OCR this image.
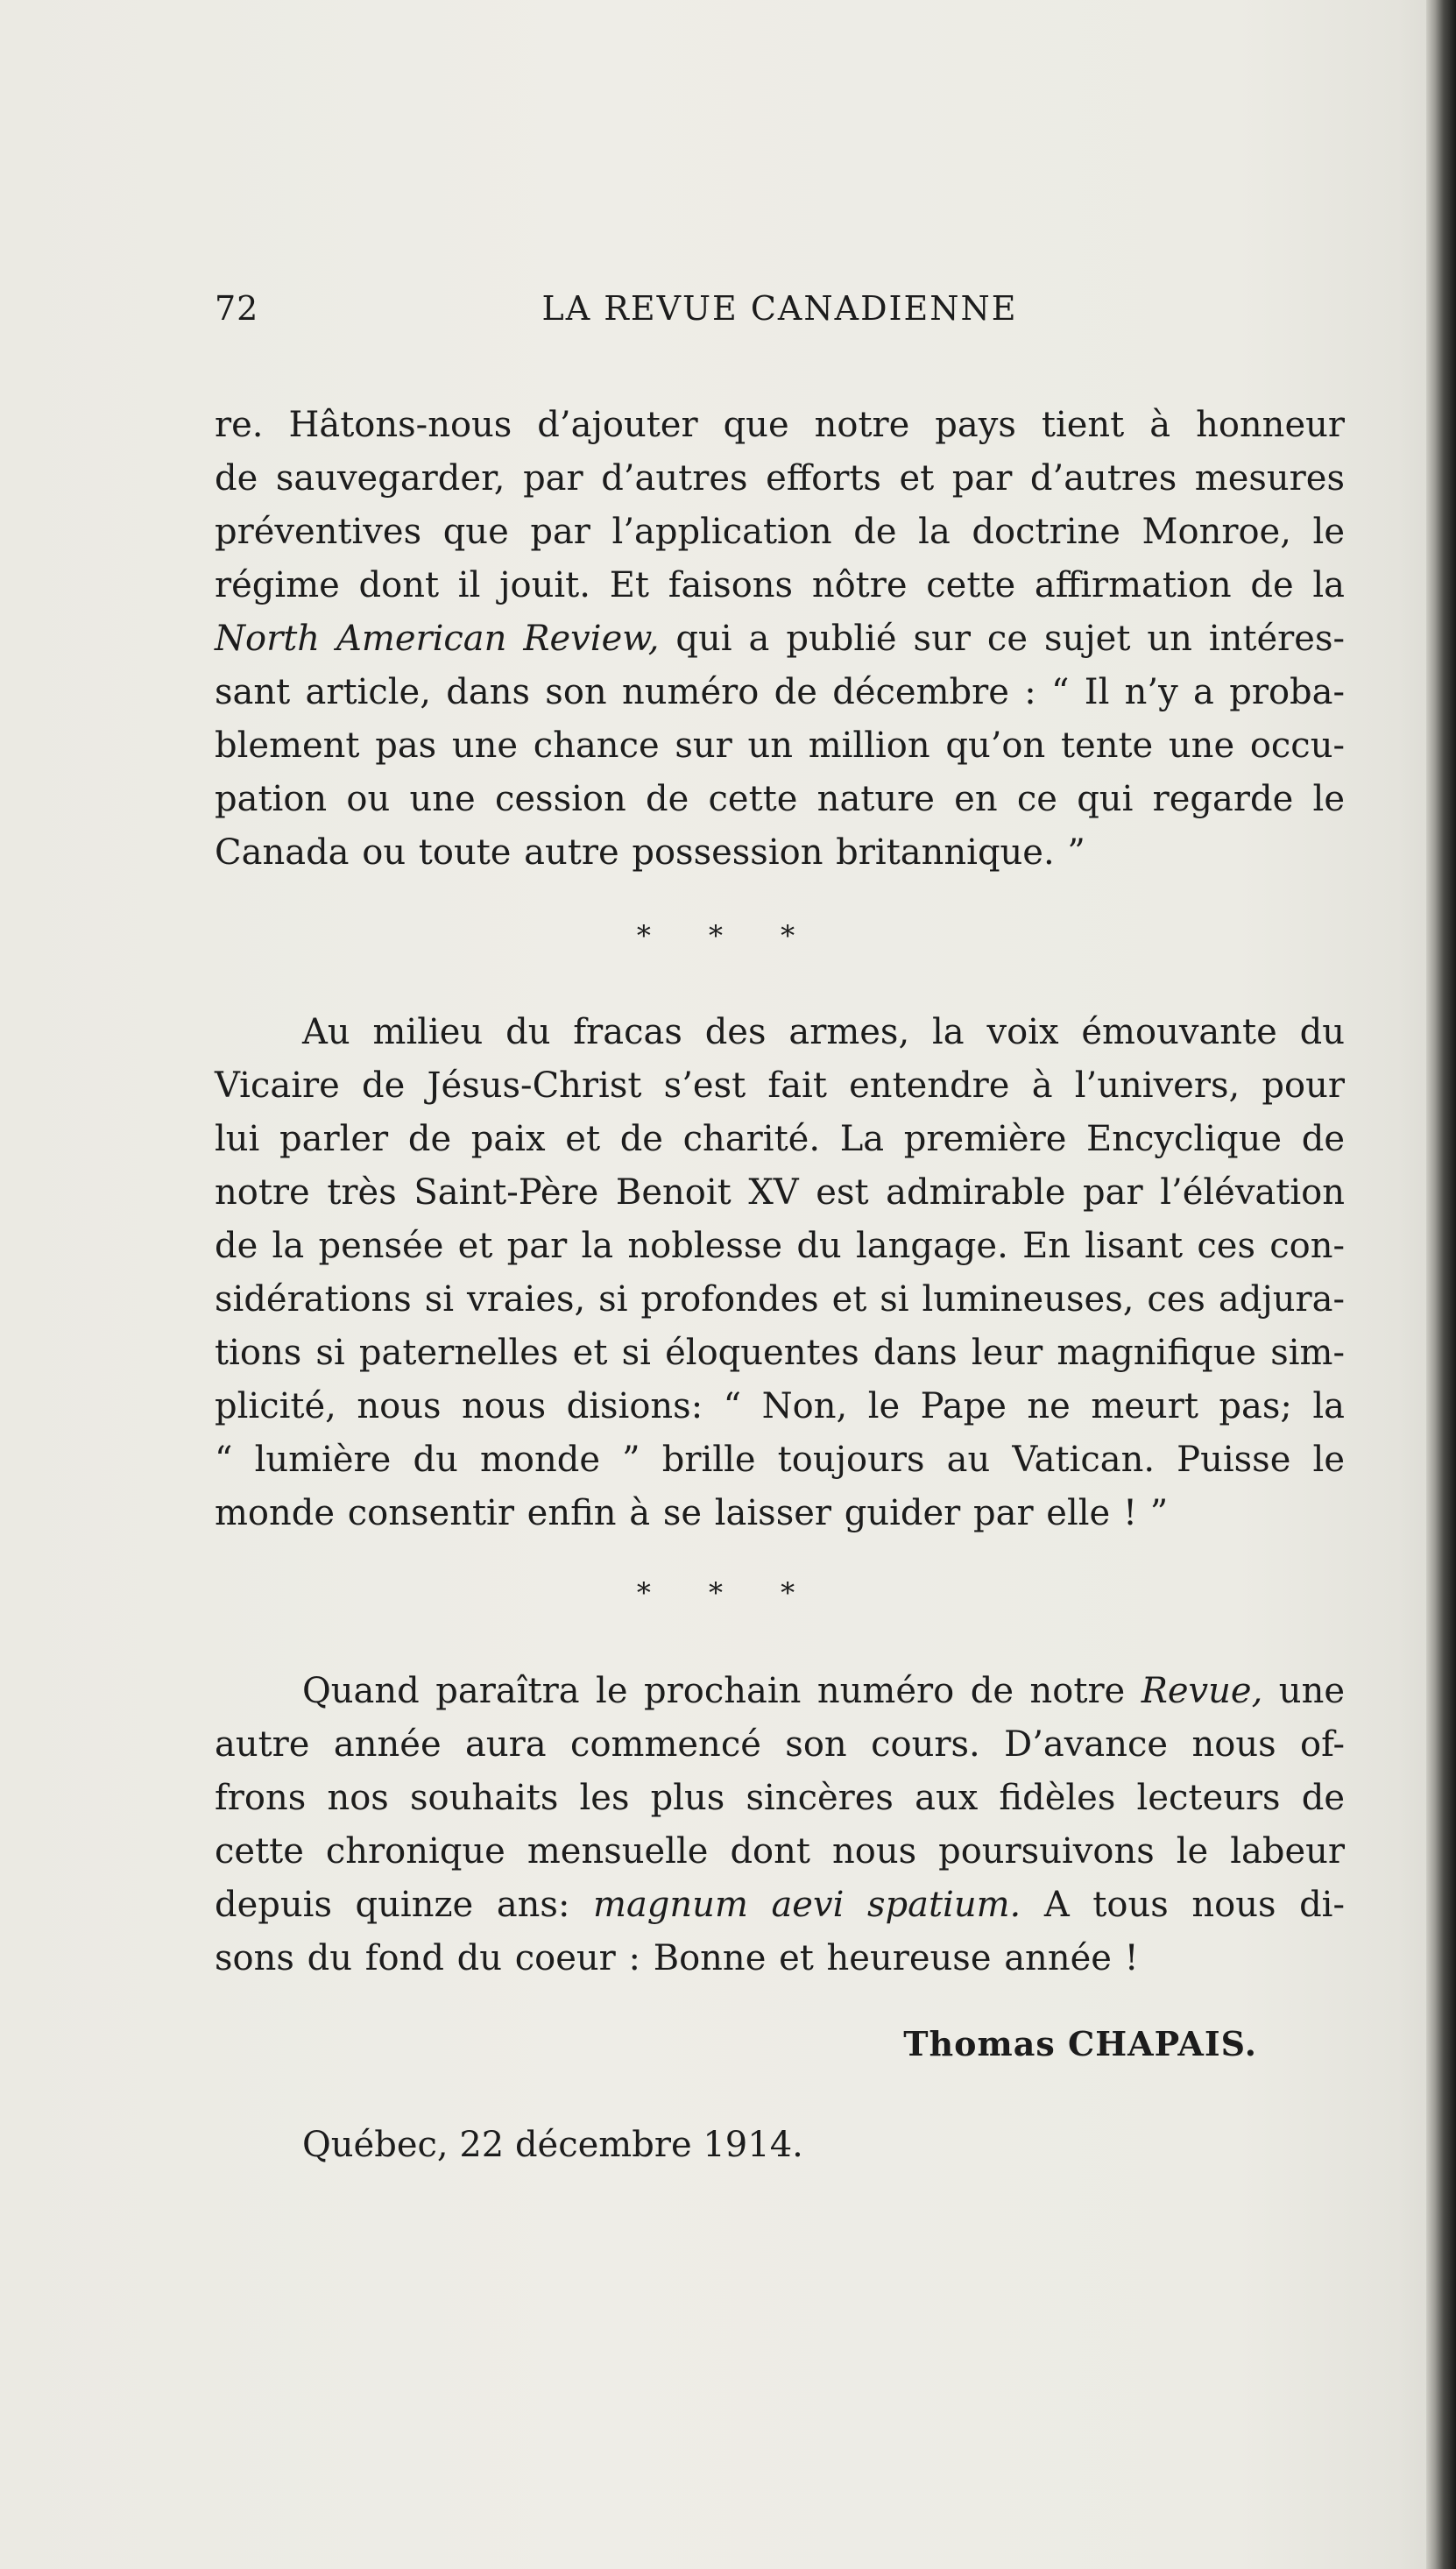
72	LA REVUE CANADIENNE
re. Hâtons-nous d’ajouter que notre pays tient à honneur
de sauvegarder, par d’autres efforts et par d’autres mesures
préventives que par l’application de la doctrine Monroe, le
régime dont il jouit. Et faisons nôtre cette affirmation de la
North American Review, qui a publié sur ce sujet un intéres-
sant article, dans son numéro de décembre : “ Il n’y a proba-
blement pas une chance sur un million qu’on tente une occu-
pation ou une cession de cette nature en ce qui regarde le
Canada ou toute autre possession britannique. ”
* * *
Au milieu du fracas des armes, la voix émouvante du
Vicaire de Jésus-Christ s’est fait entendre à l’univers, pour
lui parler de paix et de charité. La première Encyclique de
notre très Saint-Père Benoit XV est admirable par l’élévation
de la pensée et par la noblesse du langage. En lisant ces con-
sidérations si vraies, si profondes et si lumineuses, ces adjura-
tions si paternelles et si éloquentes dans leur magnifique sim-
plicité, nous nous disions: “ Non, le Pape ne meurt pas; la
“ lumière du monde ” brille toujours au Vatican. Puisse le
monde consentir enfin à se laisser guider par elle ! ”
* * *
Quand paraîtra le prochain numéro de notre Revue, une
autre année aura commencé son cours. D’avance nous of-
frons nos souhaits les plus sincères aux fidèles lecteurs de
cette chronique mensuelle dont nous poursuivons le labeur
depuis quinze ans: magnum aevi spatium. A tous nous di-
sons du fond du coeur : Bonne et heureuse année !
Thomas CHAPAIS.
Québec, 22 décembre 1914.
